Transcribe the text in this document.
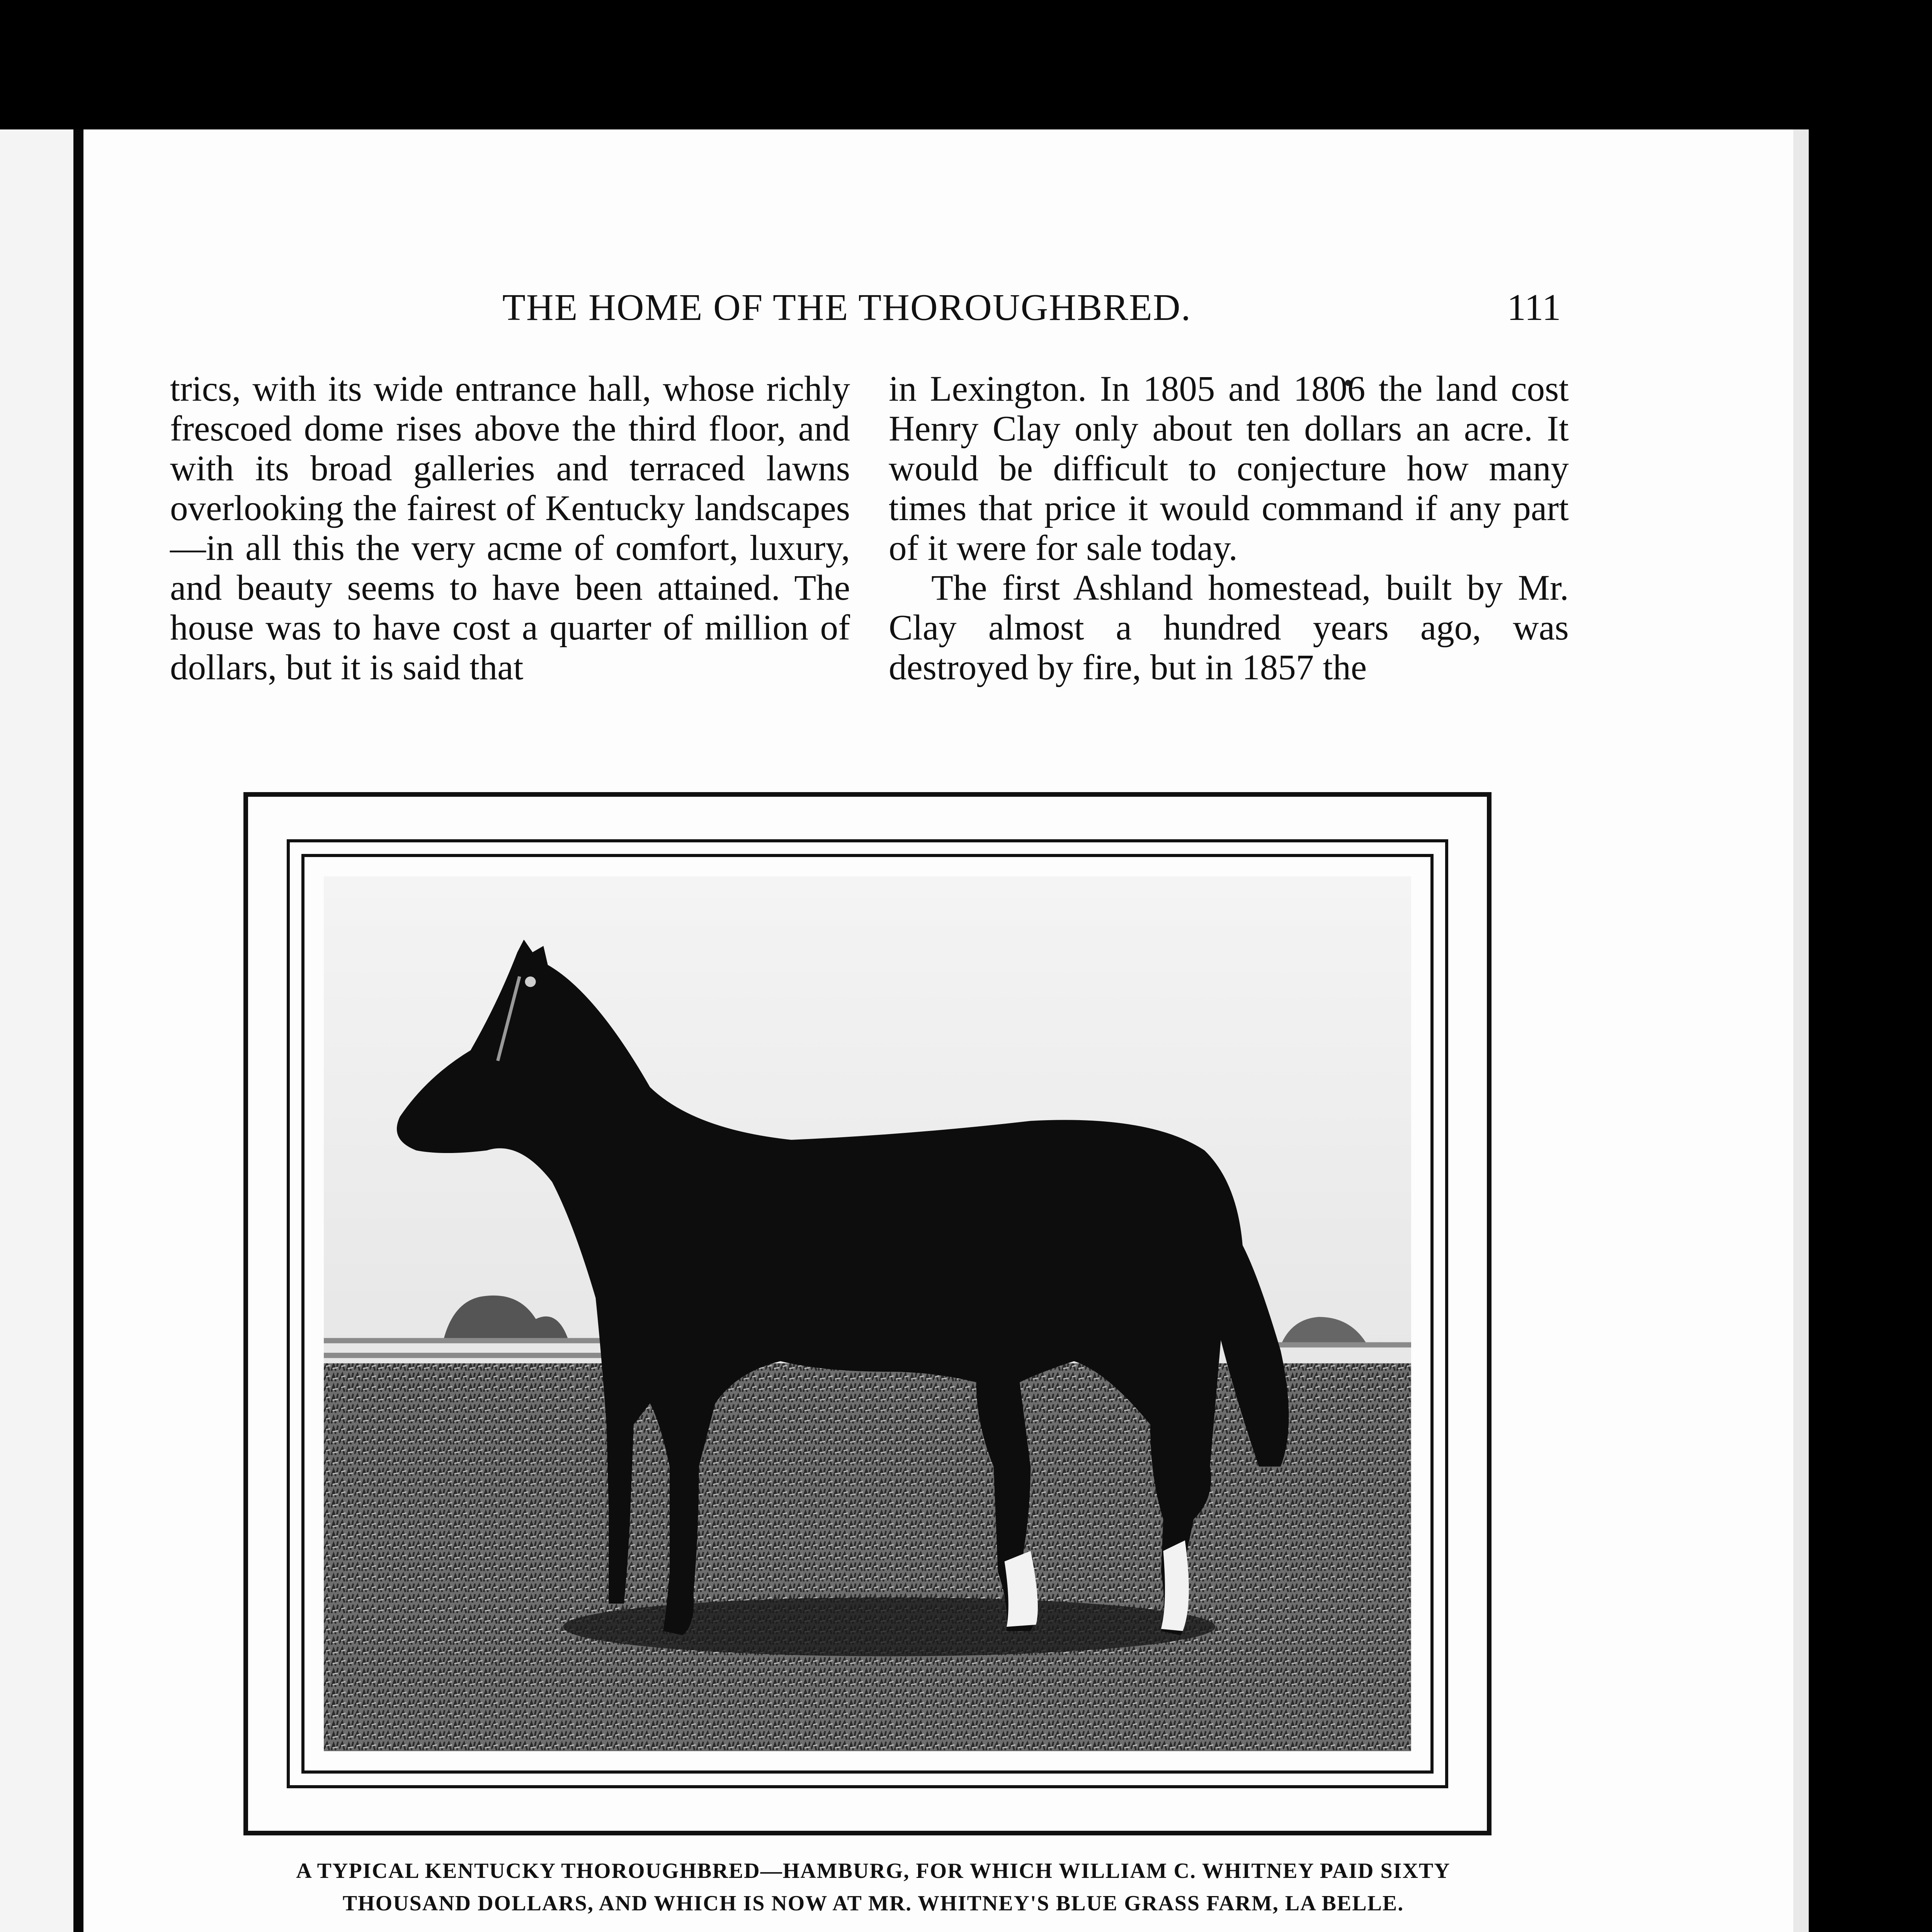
THE HOME OF THE THOROUGHBRED.	111

trics, with its wide entrance hall, whose richly frescoed dome rises above the third floor, and with its broad galleries and terraced lawns overlooking the fairest of Kentucky landscapes—in all this the very acme of comfort, luxury, and beauty seems to have been attained. The house was to have cost a quarter of million of dollars, but it is said that

in Lexington. In 1805 and 1806 the land cost Henry Clay only about ten dollars an acre. It would be difficult to conjecture how many times that price it would command if any part of it were for sale today.

The first Ashland homestead, built by Mr. Clay almost a hundred years ago, was destroyed by fire, but in 1857 the

A TYPICAL KENTUCKY THOROUGHBRED—HAMBURG, FOR WHICH WILLIAM C. WHITNEY PAID SIXTY THOUSAND DOLLARS, AND WHICH IS NOW AT MR. WHITNEY'S BLUE GRASS FARM, LA BELLE.
